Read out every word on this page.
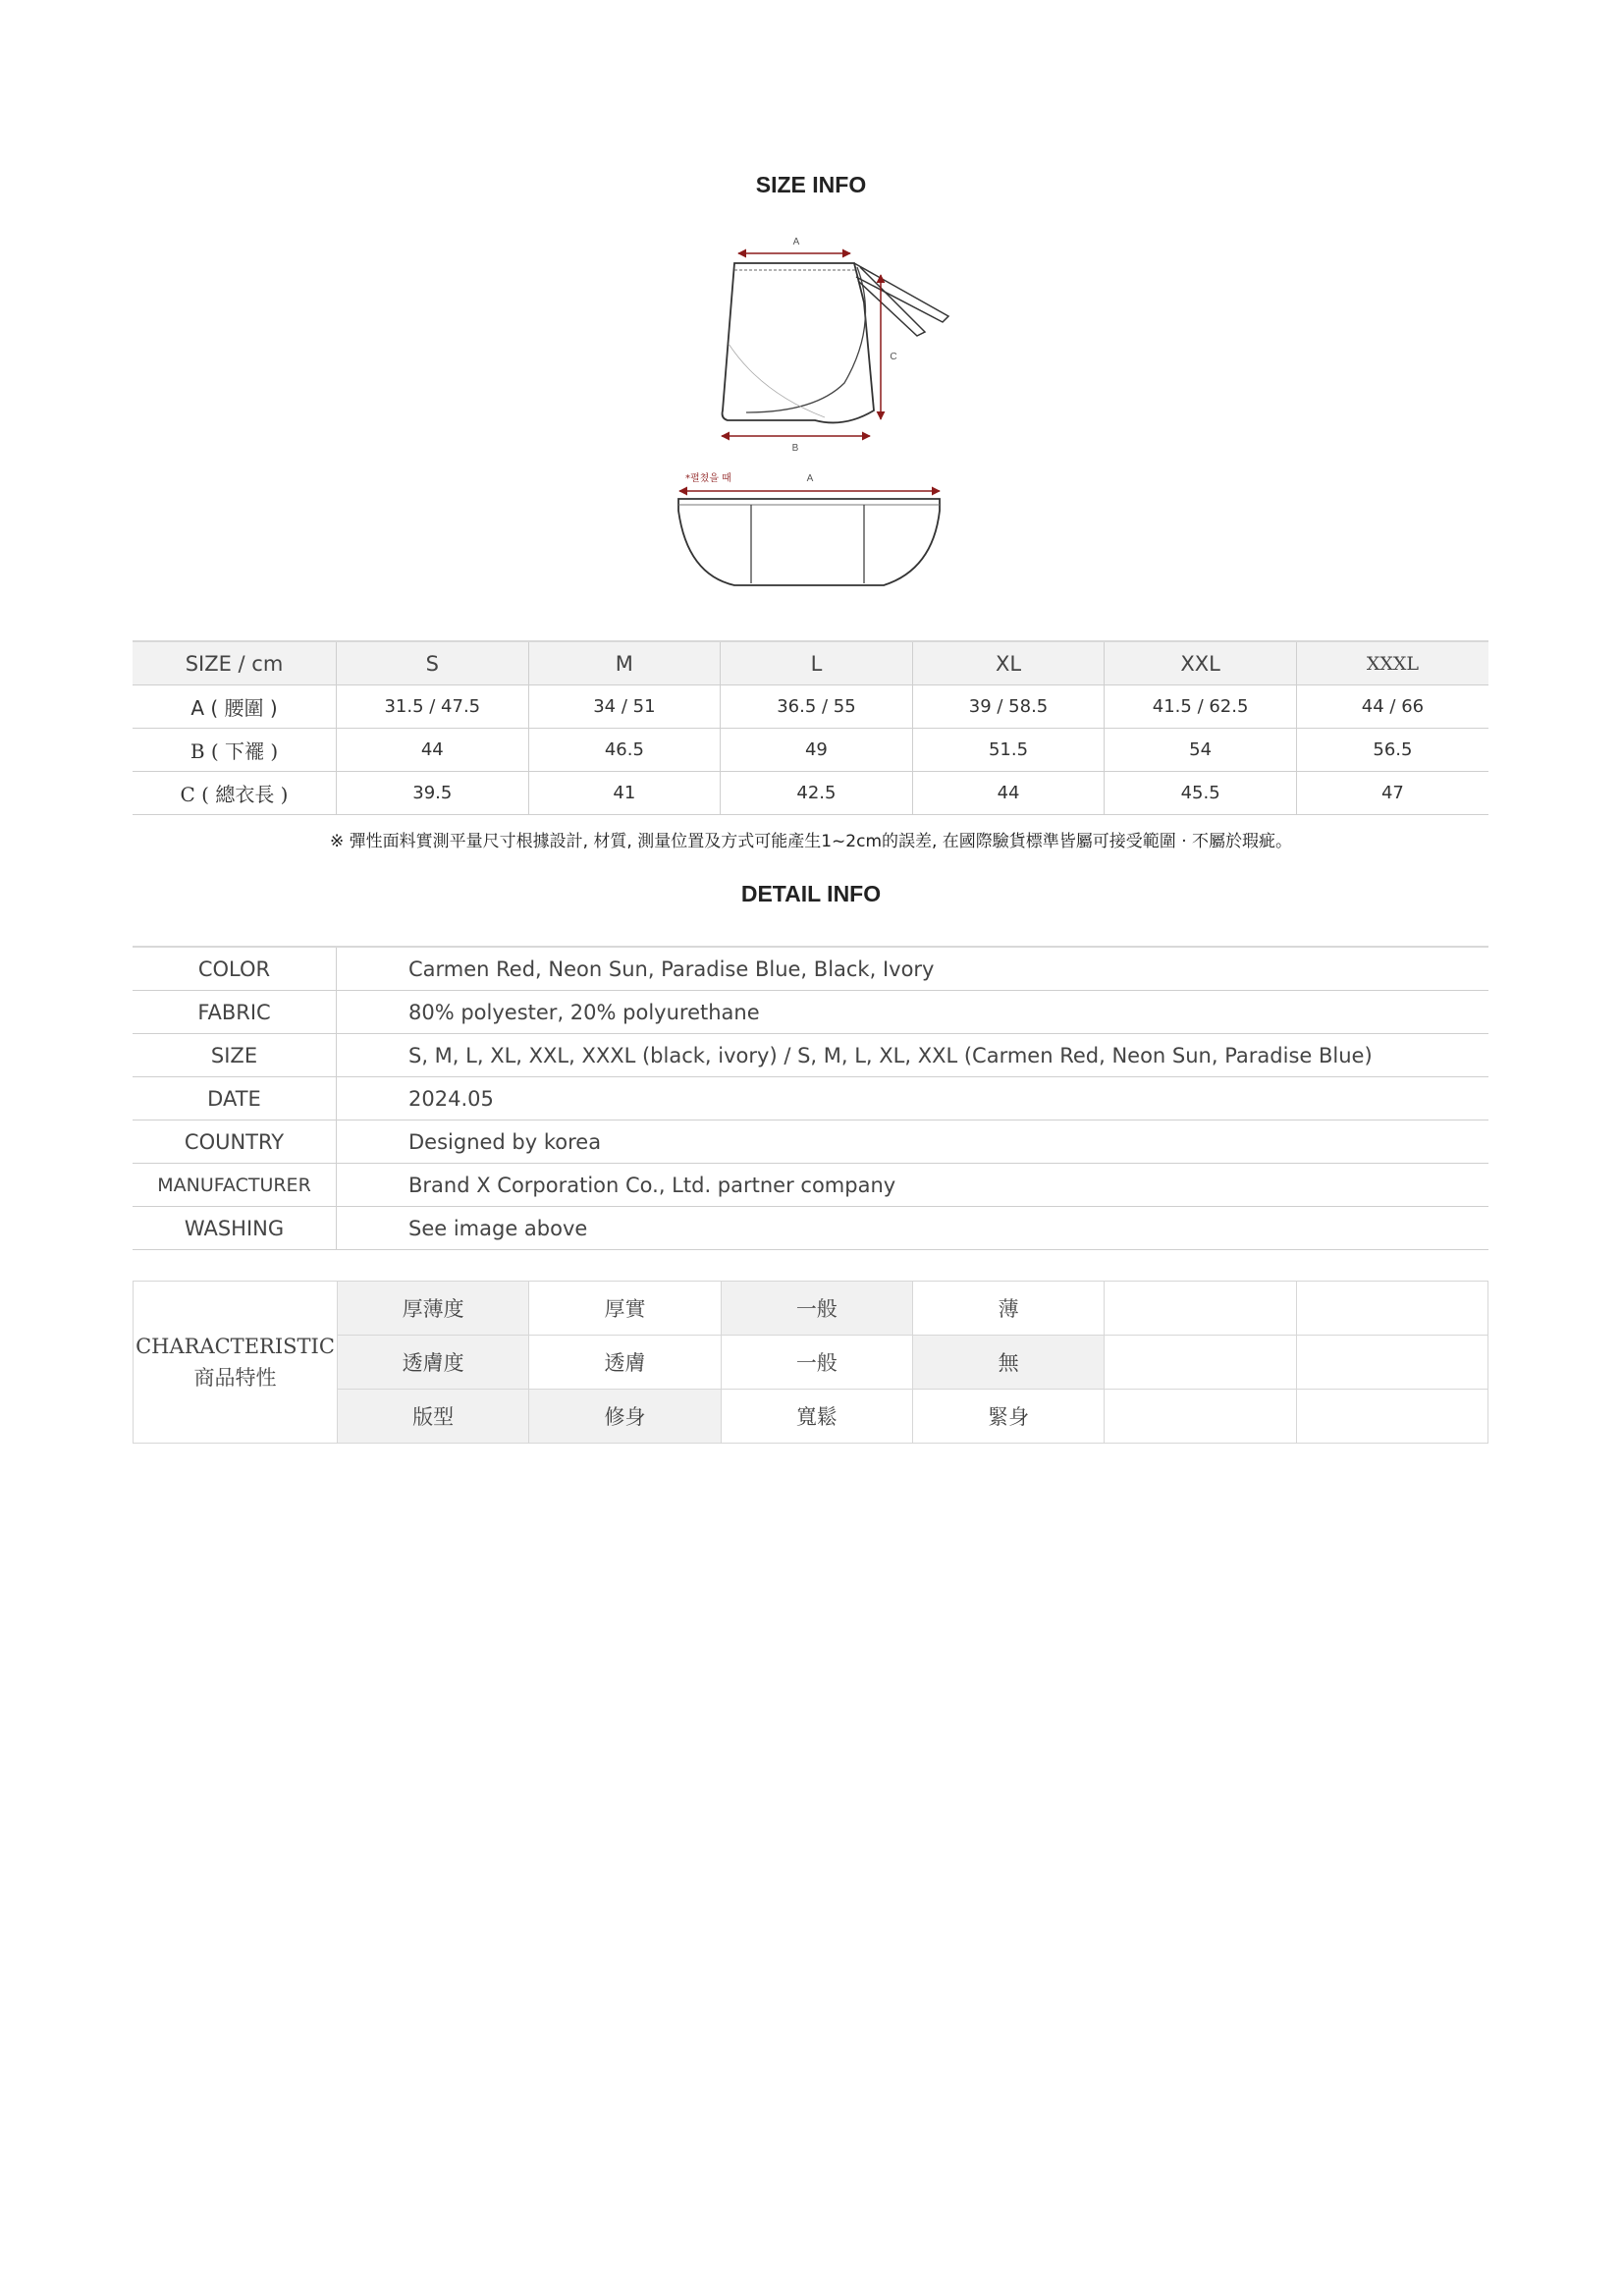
SIZE INFO
A
C
B
*펼쳤을 때	A
SIZE / cm	S	M	L	XL	XXL	XXXL
A ( 腰圍 )	31.5 / 47.5	34 / 51	36.5 / 55	39 / 58.5	41.5 / 62.5	44 / 66
B ( 下襬 )	44	46.5	49	51.5	54	56.5
C ( 總衣長 )	39.5	41	42.5	44	45.5	47
※ 彈性面料實測平量尺寸根據設計, 材質, 測量位置及方式可能產生1~2cm的誤差, 在國際驗貨標準皆屬可接受範圍 · 不屬於瑕疵。
DETAIL INFO
COLOR	Carmen Red, Neon Sun, Paradise Blue, Black, Ivory
FABRIC	80% polyester, 20% polyurethane
SIZE	S, M, L, XL, XXL, XXXL (black, ivory) / S, M, L, XL, XXL (Carmen Red, Neon Sun, Paradise Blue)
DATE	2024.05
COUNTRY	Designed by korea
MANUFACTURER	Brand X Corporation Co., Ltd. partner company
WASHING	See image above
CHARACTERISTIC
商品特性	厚薄度	厚實	一般	薄		
	透膚度	透膚	一般	無		
	版型	修身	寬鬆	緊身		
